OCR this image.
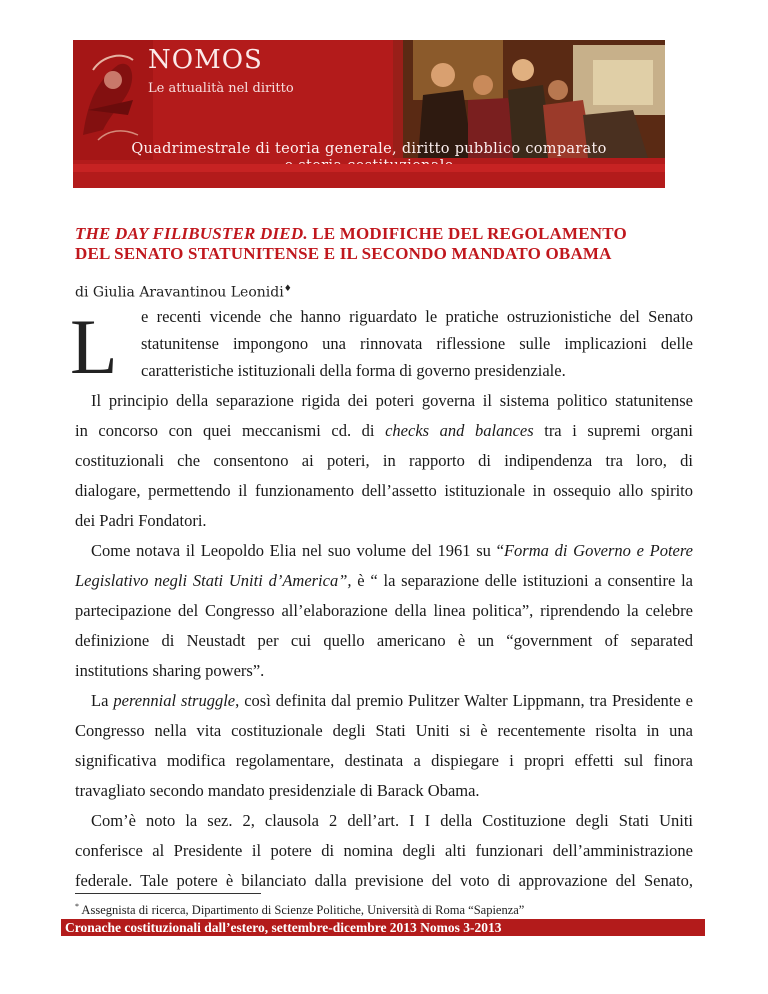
NOMOS
Le attualità nel diritto
Quadrimestrale di teoria generale, diritto pubblico comparato
THE DAY FILIBUSTER DIED. LE MODIFICHE DEL REGOLAMENTO
DEL SENATO STATUNITENSE E IL SECONDO MANDATO OBAMA
di Giulia Aravantinou Leonidi♦
L e recenti vicende che hanno riguardato le pratiche ostruzionistiche del Senato
statunitense impongono una rinnovata riflessione sulle implicazioni delle
caratteristiche istituzionali della forma di governo presidenziale.
Il principio della separazione rigida dei poteri governa il sistema politico statunitense
in concorso con quei meccanismi cd. di checks and balances tra i supremi organi
costituzionali che consentono ai poteri, in rapporto di indipendenza tra loro, di
dialogare, permettendo il funzionamento dell’assetto istituzionale in ossequio allo spirito
dei Padri Fondatori.
Come notava il Leopoldo Elia nel suo volume del 1961 su “Forma di Governo e Potere
Legislativo negli Stati Uniti d’America”, è “ la separazione delle istituzioni a consentire la
partecipazione del Congresso all’elaborazione della linea politica”, riprendendo la celebre
definizione di Neustadt per cui quello americano è un “government of separated
institutions sharing powers”.
La perennial struggle, così definita dal premio Pulitzer Walter Lippmann, tra Presidente e
Congresso nella vita costituzionale degli Stati Uniti si è recentemente risolta in una
significativa modifica regolamentare, destinata a dispiegare i propri effetti sul finora
travagliato secondo mandato presidenziale di Barack Obama.
Com’è noto la sez. 2, clausola 2 dell’art. I I della Costituzione degli Stati Uniti
conferisce al Presidente il potere di nomina degli alti funzionari dell’amministrazione
federale. Tale potere è bilanciato dalla previsione del voto di approvazione del Senato,
* Assegnista di ricerca, Dipartimento di Scienze Politiche, Università di Roma “Sapienza”
Cronache costituzionali dall’estero, settembre-dicembre 2013 Nomos 3-2013
